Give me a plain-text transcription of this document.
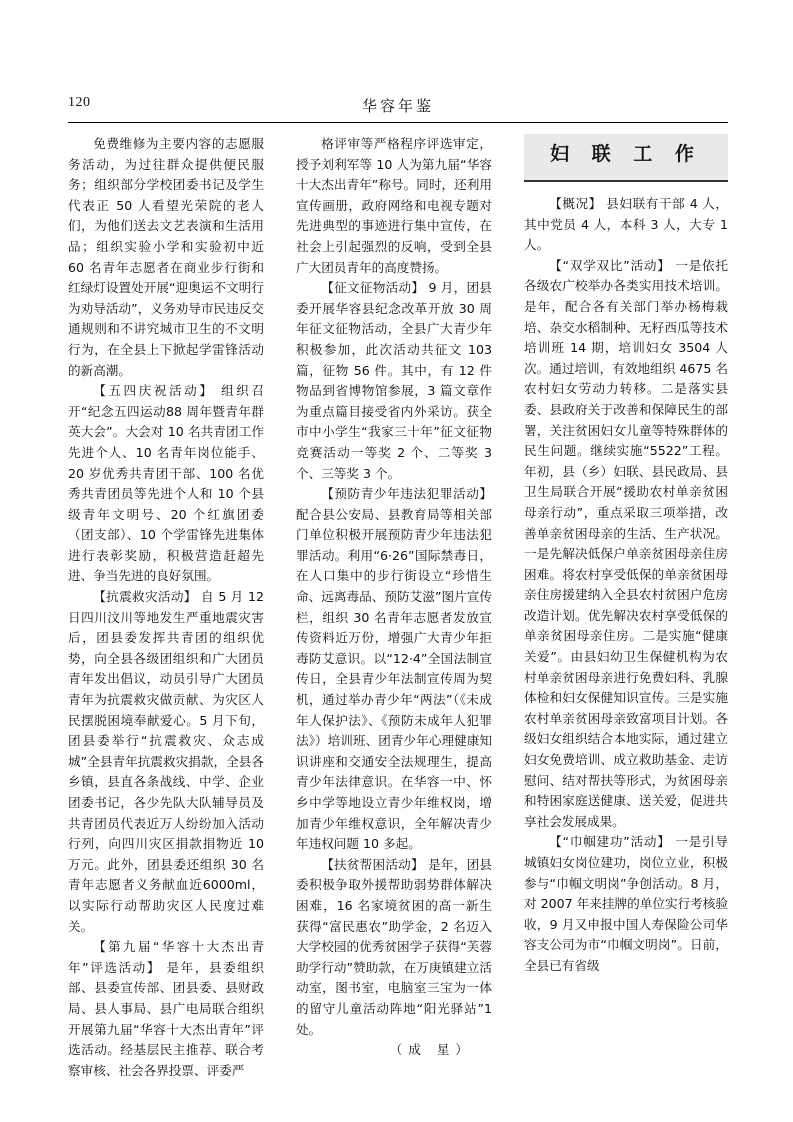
120	华容年鉴

免费维修为主要内容的志愿服务活动，为过往群众提供便民服务；组织部分学校团委书记及学生代表正 50 人看望光荣院的老人们，为他们送去文艺表演和生活用品；组织实验小学和实验初中近 60 名青年志愿者在商业步行街和红绿灯设置处开展“迎奥运不文明行为劝导活动”，义务劝导市民违反交通规则和不讲究城市卫生的不文明行为，在全县上下掀起学雷锋活动的新高潮。

【五四庆祝活动】 组织召开“纪念五四运动88 周年暨青年群英大会”。大会对 10 名共青团工作先进个人、10 名青年岗位能手、20 岁优秀共青团干部、100 名优秀共青团员等先进个人和 10 个县级青年文明号、20 个红旗团委（团支部）、10 个学雷锋先进集体进行表彰奖励，积极营造赶超先进、争当先进的良好氛围。

【抗震救灾活动】 自 5 月 12 日四川汶川等地发生严重地震灾害后，团县委发挥共青团的组织优势，向全县各级团组织和广大团员青年发出倡议，动员引导广大团员青年为抗震救灾做贡献、为灾区人民摆脱困境奉献爱心。5 月下旬，团县委举行“抗震救灾、众志成城”全县青年抗震救灾捐款，全县各乡镇，县直各条战线、中学、企业团委书记，各少先队大队辅导员及共青团员代表近万人纷纷加入活动行列，向四川灾区捐款捐物近 10 万元。此外，团县委还组织 30 名青年志愿者义务献血近6000ml，以实际行动帮助灾区人民度过难关。

【第九届“华容十大杰出青年”评选活动】 是年，县委组织部、县委宣传部、团县委、县财政局、县人事局、县广电局联合组织开展第九届“华容十大杰出青年”评选活动。经基层民主推荐、联合考察审核、社会各界投票、评委严

格评审等严格程序评选审定，授予刘利军等 10 人为第九届“华容十大杰出青年”称号。同时，还利用宣传画册，政府网络和电视专题对先进典型的事迹进行集中宣传，在社会上引起强烈的反响，受到全县广大团员青年的高度赞扬。

【征文征物活动】 9 月，团县委开展华容县纪念改革开放 30 周年征文征物活动，全县广大青少年积极参加，此次活动共征文 103 篇，征物 56 件。其中，有 12 件物品到省博物馆参展，3 篇文章作为重点篇目接受省内外采访。获全市中小学生“我家三十年”征文征物竞赛活动一等奖 2 个、二等奖 3 个、三等奖 3 个。

【预防青少年违法犯罪活动】 配合县公安局、县教育局等相关部门单位积极开展预防青少年违法犯罪活动。利用“6·26”国际禁毒日，在人口集中的步行街设立“珍惜生命、远离毒品、预防艾滋”图片宣传栏，组织 30 名青年志愿者发放宣传资料近万份，增强广大青少年拒毒防艾意识。以“12·4”全国法制宣传日，全县青少年法制宣传周为契机，通过举办青少年“两法”（《未成年人保护法》、《预防未成年人犯罪法》）培训班、团青少年心理健康知识讲座和交通安全法规理生，提高青少年法律意识。在华容一中、怀乡中学等地设立青少年维权岗，增加青少年维权意识，全年解决青少年违权问题 10 多起。

【扶贫帮困活动】 是年，团县委积极争取外援帮助弱势群体解决困难，16 名家境贫困的高一新生获得“富民惠农”助学金，2 名迈入大学校园的优秀贫困学子获得“芙蓉助学行动”赞助款，在万庚镇建立活动室，图书室，电脑室三宝为一体的留守儿童活动阵地“阳光驿站”1 处。

（成 星）

妇 联 工 作

【概况】 县妇联有干部 4 人，其中党员 4 人，本科 3 人，大专 1 人。

【“双学双比”活动】 一是依托各级农广校举办各类实用技术培训。是年，配合各有关部门举办杨梅栽培、杂交水稻制种、无籽西瓜等技术培训班 14 期，培训妇女 3504 人次。通过培训，有效地组织 4675 名农村妇女劳动力转移。二是落实县委、县政府关于改善和保障民生的部署，关注贫困妇女儿童等特殊群体的民生问题。继续实施“5522”工程。年初，县（乡）妇联、县民政局、县卫生局联合开展“援助农村单亲贫困母亲行动”，重点采取三项举措，改善单亲贫困母亲的生活、生产状况。一是先解决低保户单亲贫困母亲住房困难。将农村享受低保的单亲贫困母亲住房援建纳入全县农村贫困户危房改造计划。优先解决农村享受低保的单亲贫困母亲住房。二是实施“健康关爱”。由县妇幼卫生保健机构为农村单亲贫困母亲进行免费妇科、乳腺体检和妇女保健知识宣传。三是实施农村单亲贫困母亲致富项目计划。各级妇女组织结合本地实际，通过建立妇女免费培训、成立救助基金、走访慰问、结对帮扶等形式，为贫困母亲和特困家庭送健康、送关爱，促进共享社会发展成果。

【“巾帼建功”活动】 一是引导城镇妇女岗位建功，岗位立业，积极参与“巾帼文明岗”争创活动。8 月，对 2007 年来挂牌的单位实行考核验收，9 月又申报中国人寿保险公司华容支公司为市“巾帼文明岗”。日前，全县已有省级
